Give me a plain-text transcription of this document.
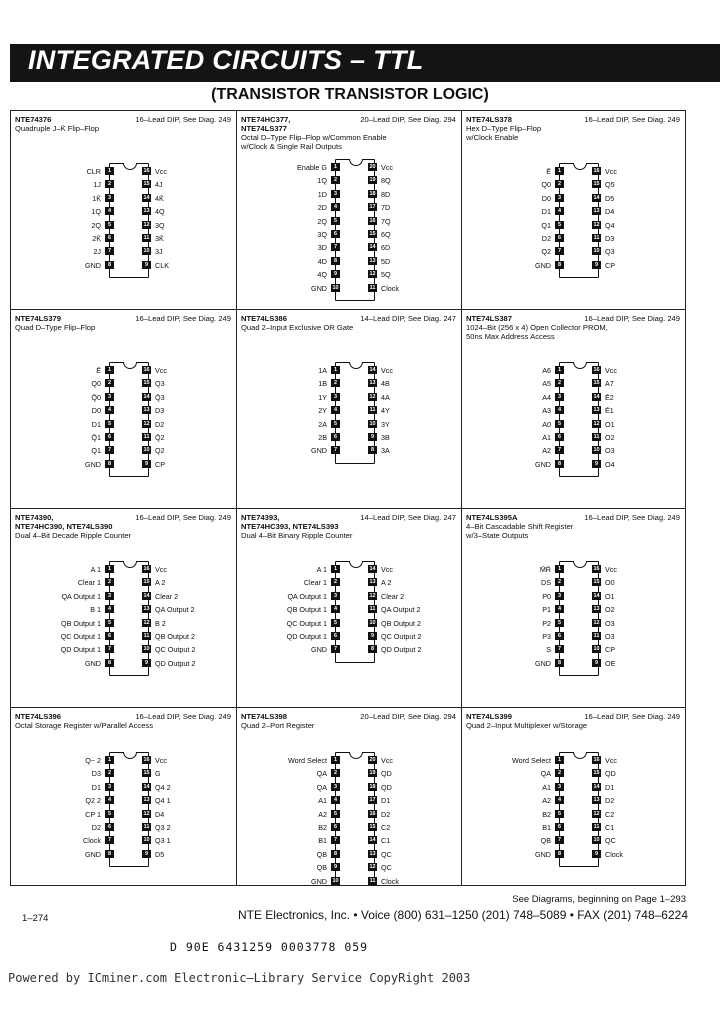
INTEGRATED CIRCUITS – TTL
(TRANSISTOR TRANSISTOR LOGIC)
NTE74376	16–Lead DIP, See Diag. 249
Quadruple J–K̄ Flip–Flop
CLR	1	16 Vcc
1J	2	15 4J
1K̄	3	14 4K̄
1Q	4	13 4Q
2Q	5	12 3Q
2K̄	6	11 3K̄
2J	7	10 3J
GND	8	9 CLK
NTE74HC377,
NTE74LS377
20–Lead DIP, See Diag. 294
Octal D–Type Flip–Flop w/Common Enable
w/Clock & Single Rail Outputs
Enable G	1	20 Vcc
1Q	2	19 8Q
1D	3	18 8D
2D	4	17 7D
2Q	5	16 7Q
3Q	6	15 6Q
3D	7	14 6D
4D	8	13 5D
4Q	9	12 5Q
GND 10	11 Clock
NTE74LS378	16–Lead DIP, See Diag. 249
Hex D–Type Flip–Flop
w/Clock Enable
Ē	1	16 Vcc
Q0	2	15 Q5
D0	3	14 D5
D1	4	13 D4
Q1	5	12 Q4
D2	6	11 D3
Q2	7	10 Q3
GND	8	9 CP
NTE74LS379	16–Lead DIP, See Diag. 249
Quad D–Type Flip–Flop
Ē	1	16 Vcc
Q0	2	15 Q3
Q̄0	3	14 Q̄3
D0	4	13 D3
D1	5	12 D2
Q̄1	6	11 Q̄2
Q1	7	10 Q2
GND	8	9 CP
NTE74LS386	14–Lead DIP, See Diag. 247
Quad 2–Input Exclusive OR Gate
1A	1	14 Vcc
1B	2	13 4B
1Y	3	12 4A
2Y	4	11 4Y
2A	5	10 3Y
2B	6	9 3B
GND	7	8 3A
NTE74LS387	16–Lead DIP, See Diag. 249
1024–Bit (256 x 4) Open Collector PROM,
50ns Max Address Access
A6	1	16 Vcc
A5	2	15 A7
A4	3	14 Ē2
A3	4	13 Ē1
A0	5	12 O1
A1	6	11 O2
A2	7	10 O3
GND	8	9 O4
NTE74390,
NTE74HC390, NTE74LS390
16–Lead DIP, See Diag. 249
Dual 4–Bit Decade Ripple Counter
A 1	1	16 Vcc
Clear 1	2	15 A 2
QA Output 1	3	14 Clear 2
B 1	4	13 QA Output 2
QB Output 1	5	12 B 2
QC Output 1	6	11 QB Output 2
QD Output 1	7	10 QC Output 2
GND	8	9 QD Output 2
NTE74393,
NTE74HC393, NTE74LS393
14–Lead DIP, See Diag. 247
Dual 4–Bit Binary Ripple Counter
A 1	1	14 Vcc
Clear 1	2	13 A 2
QA Output 1	3	12 Clear 2
QB Output 1	4	11 QA Output 2
QC Output 1	5	10 QB Output 2
QD Output 1	6	9 QC Output 2
GND	7	8 QD Output 2
NTE74LS395A	16–Lead DIP, See Diag. 249
4–Bit Cascadable Shift Register
w/3–State Outputs
M̄R̄	1	16 Vcc
DS	2	15 O0
P0	3	14 O1
P1	4	13 O2
P2	5	12 O3
P3	6	11 O3
S	7	10 CP
GND	8	9 OE
NTE74LS396	16–Lead DIP, See Diag. 249
Octal Storage Register w/Parallel Access
Q− 2	1	16 Vcc
D3	2	15 G
D1	3	14 Q4 2
Q2 2	4	13 Q4 1
CP 1	5	12 D4
D2	6	11 Q3 2
Clock	7	10 Q3 1
GND	8	9 D5
NTE74LS398	20–Lead DIP, See Diag. 294
Quad 2–Port Register
Word Select	1	20 Vcc
QA	2	19 QD
QA	3	18 QD
A1	4	17 D1
A2	5	16 D2
B2	6	15 C2
B1	7	14 C1
QB	8	13 QC
QB	9	12 QC
GND 10	11 Clock
NTE74LS399	16–Lead DIP, See Diag. 249
Quad 2–Input Multiplexer w/Storage
Word Select	1	16 Vcc
QA	2	15 QD
A1	3	14 D1
A2	4	13 D2
B2	5	12 C2
B1	6	11 C1
QB	7	10 QC
GND	8	9 Clock
See Diagrams, beginning on Page 1–293
1–274	NTE Electronics, Inc. • Voice (800) 631–1250 (201) 748–5089 • FAX (201) 748–6224
D 90E 6431259 0003778 059
Powered by ICminer.com Electronic–Library Service CopyRight 2003
